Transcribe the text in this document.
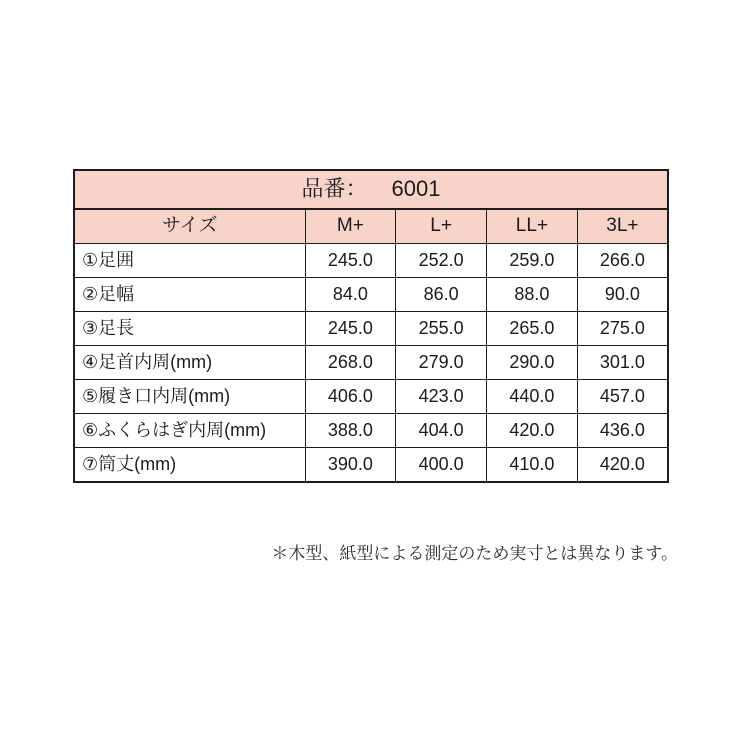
品番： 6001				
サイズ	M+	L+	LL+	3L+
①足囲	245.0	252.0	259.0	266.0
②足幅	84.0	86.0	88.0	90.0
③足長	245.0	255.0	265.0	275.0
④足首内周(mm)	268.0	279.0	290.0	301.0
⑤履き口内周(mm)	406.0	423.0	440.0	457.0
⑥ふくらはぎ内周(mm)	388.0	404.0	420.0	436.0
⑦筒丈(mm)	390.0	400.0	410.0	420.0
＊木型、紙型による測定のため実寸とは異なります。
